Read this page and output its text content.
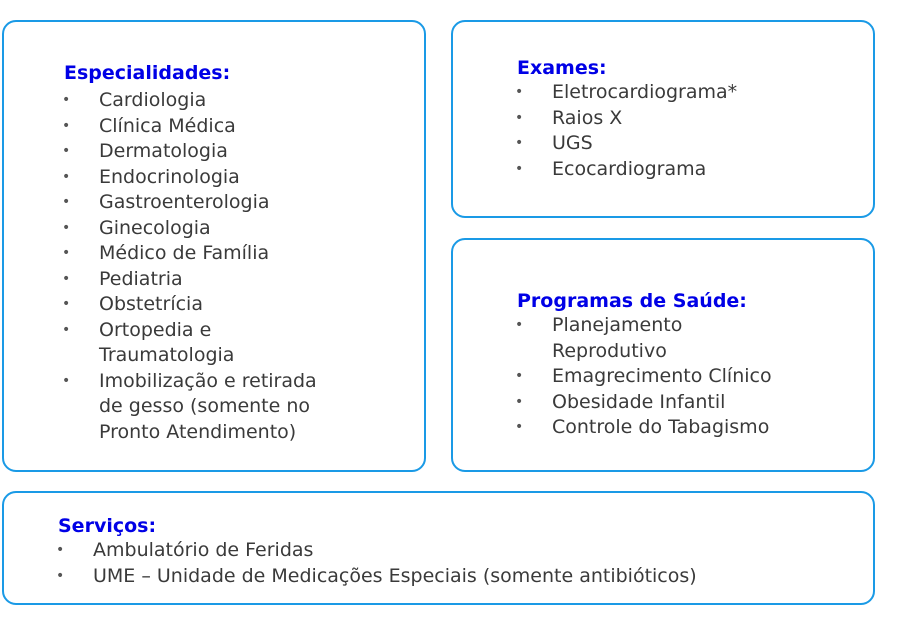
Especialidades:
• Cardiologia
• Clínica Médica
• Dermatologia
• Endocrinologia
• Gastroenterologia
• Ginecologia
• Médico de Família
• Pediatria
• Obstetrícia
• Ortopedia e
Traumatologia
• Imobilização e retirada
de gesso (somente no
Pronto Atendimento)
Exames:
• Eletrocardiograma*
• Raios X
• UGS
• Ecocardiograma
Programas de Saúde:
• Planejamento
Reprodutivo
• Emagrecimento Clínico
• Obesidade Infantil
• Controle do Tabagismo
Serviços:
• Ambulatório de Feridas
• UME – Unidade de Medicações Especiais (somente antibióticos)
